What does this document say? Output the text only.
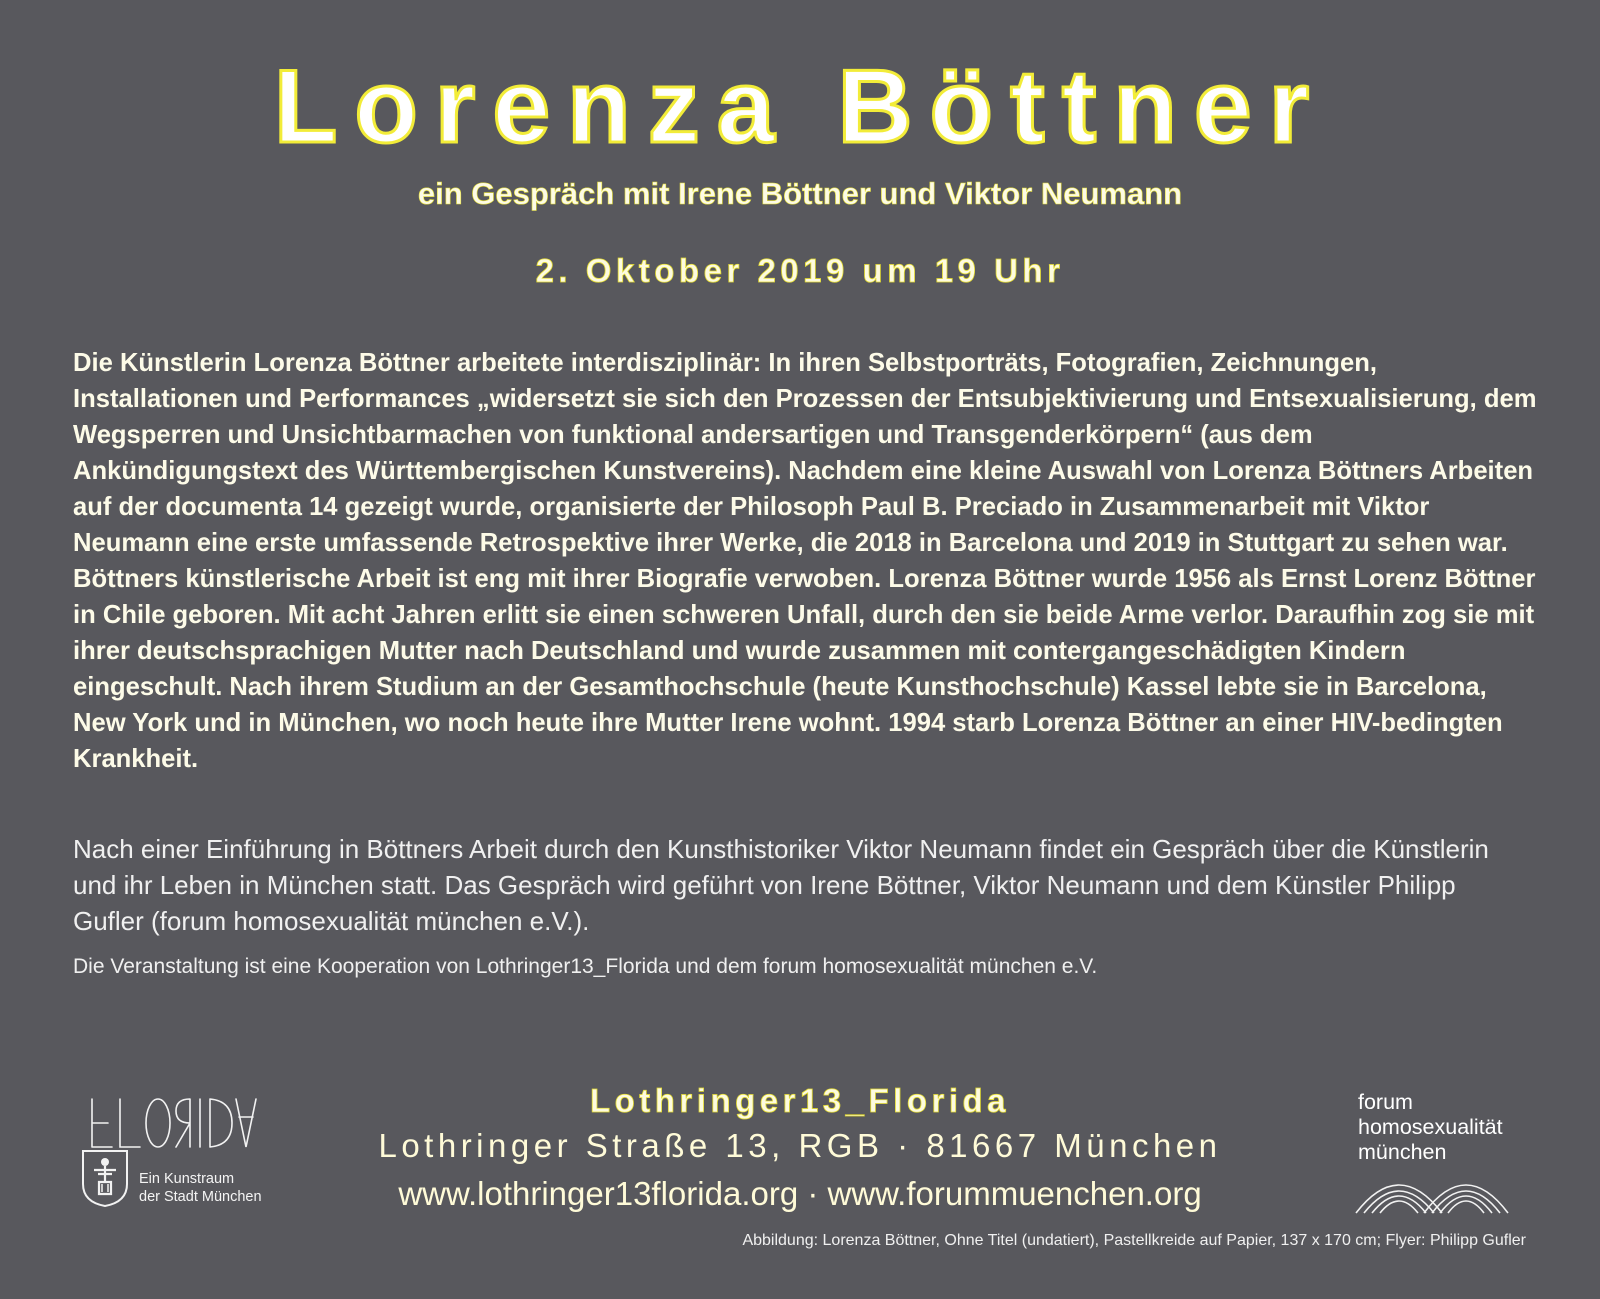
Lorenza Böttner
ein Gespräch mit Irene Böttner und Viktor Neumann
2. Oktober 2019 um 19 Uhr

Die Künstlerin Lorenza Böttner arbeitete interdisziplinär: In ihren Selbstporträts, Fotografien, Zeichnungen, Installationen und Performances „widersetzt sie sich den Prozessen der Entsubjektivierung und Entsexualisierung, dem Wegsperren und Unsichtbarmachen von funktional andersartigen und Transgenderkörpern“ (aus dem Ankündigungstext des Württembergischen Kunstvereins). Nachdem eine kleine Auswahl von Lorenza Böttners Arbeiten auf der documenta 14 gezeigt wurde, organisierte der Philosoph Paul B. Preciado in Zusammenarbeit mit Viktor Neumann eine erste umfassende Retrospektive ihrer Werke, die 2018 in Barcelona und 2019 in Stuttgart zu sehen war. Böttners künstlerische Arbeit ist eng mit ihrer Biografie verwoben. Lorenza Böttner wurde 1956 als Ernst Lorenz Böttner in Chile geboren. Mit acht Jahren erlitt sie einen schweren Unfall, durch den sie beide Arme verlor. Daraufhin zog sie mit ihrer deutschsprachigen Mutter nach Deutschland und wurde zusammen mit contergangeschädigten Kindern eingeschult. Nach ihrem Studium an der Gesamthochschule (heute Kunsthochschule) Kassel lebte sie in Barcelona, New York und in München, wo noch heute ihre Mutter Irene wohnt. 1994 starb Lorenza Böttner an einer HIV-bedingten Krankheit.

Nach einer Einführung in Böttners Arbeit durch den Kunsthistoriker Viktor Neumann findet ein Gespräch über die Künstlerin und ihr Leben in München statt. Das Gespräch wird geführt von Irene Böttner, Viktor Neumann und dem Künstler Philipp Gufler (forum homosexualität münchen e.V.).

Die Veranstaltung ist eine Kooperation von Lothringer13_Florida und dem forum homosexualität münchen e.V.
Ein Kunstraum
der Stadt München
Lothringer13_Florida
Lothringer Straße 13, RGB · 81667 München
www.lothringer13florida.org · www.forummuenchen.org
forum
homosexualität
münchen
Abbildung: Lorenza Böttner, Ohne Titel (undatiert), Pastellkreide auf Papier, 137 x 170 cm; Flyer: Philipp Gufler
